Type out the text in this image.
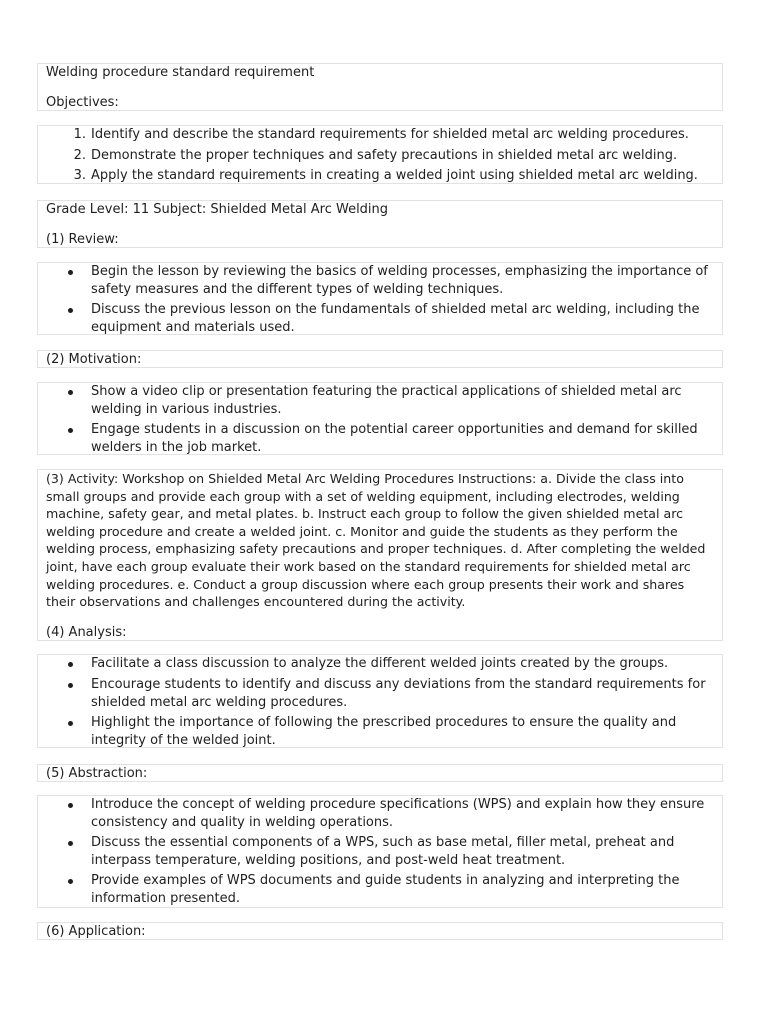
Welding procedure standard requirement

Objectives:

1. Identify and describe the standard requirements for shielded metal arc welding procedures.
2. Demonstrate the proper techniques and safety precautions in shielded metal arc welding.
3. Apply the standard requirements in creating a welded joint using shielded metal arc welding.

Grade Level: 11 Subject: Shielded Metal Arc Welding

(1) Review:

Begin the lesson by reviewing the basics of welding processes, emphasizing the importance of safety measures and the different types of welding techniques.
Discuss the previous lesson on the fundamentals of shielded metal arc welding, including the equipment and materials used.

(2) Motivation:

Show a video clip or presentation featuring the practical applications of shielded metal arc welding in various industries.
Engage students in a discussion on the potential career opportunities and demand for skilled welders in the job market.

(3) Activity: Workshop on Shielded Metal Arc Welding Procedures Instructions: a. Divide the class into small groups and provide each group with a set of welding equipment, including electrodes, welding machine, safety gear, and metal plates. b. Instruct each group to follow the given shielded metal arc welding procedure and create a welded joint. c. Monitor and guide the students as they perform the welding process, emphasizing safety precautions and proper techniques. d. After completing the welded joint, have each group evaluate their work based on the standard requirements for shielded metal arc welding procedures. e. Conduct a group discussion where each group presents their work and shares their observations and challenges encountered during the activity.

(4) Analysis:

Facilitate a class discussion to analyze the different welded joints created by the groups.
Encourage students to identify and discuss any deviations from the standard requirements for shielded metal arc welding procedures.
Highlight the importance of following the prescribed procedures to ensure the quality and integrity of the welded joint.

(5) Abstraction:

Introduce the concept of welding procedure specifications (WPS) and explain how they ensure consistency and quality in welding operations.
Discuss the essential components of a WPS, such as base metal, filler metal, preheat and interpass temperature, welding positions, and post-weld heat treatment.
Provide examples of WPS documents and guide students in analyzing and interpreting the information presented.

(6) Application:
